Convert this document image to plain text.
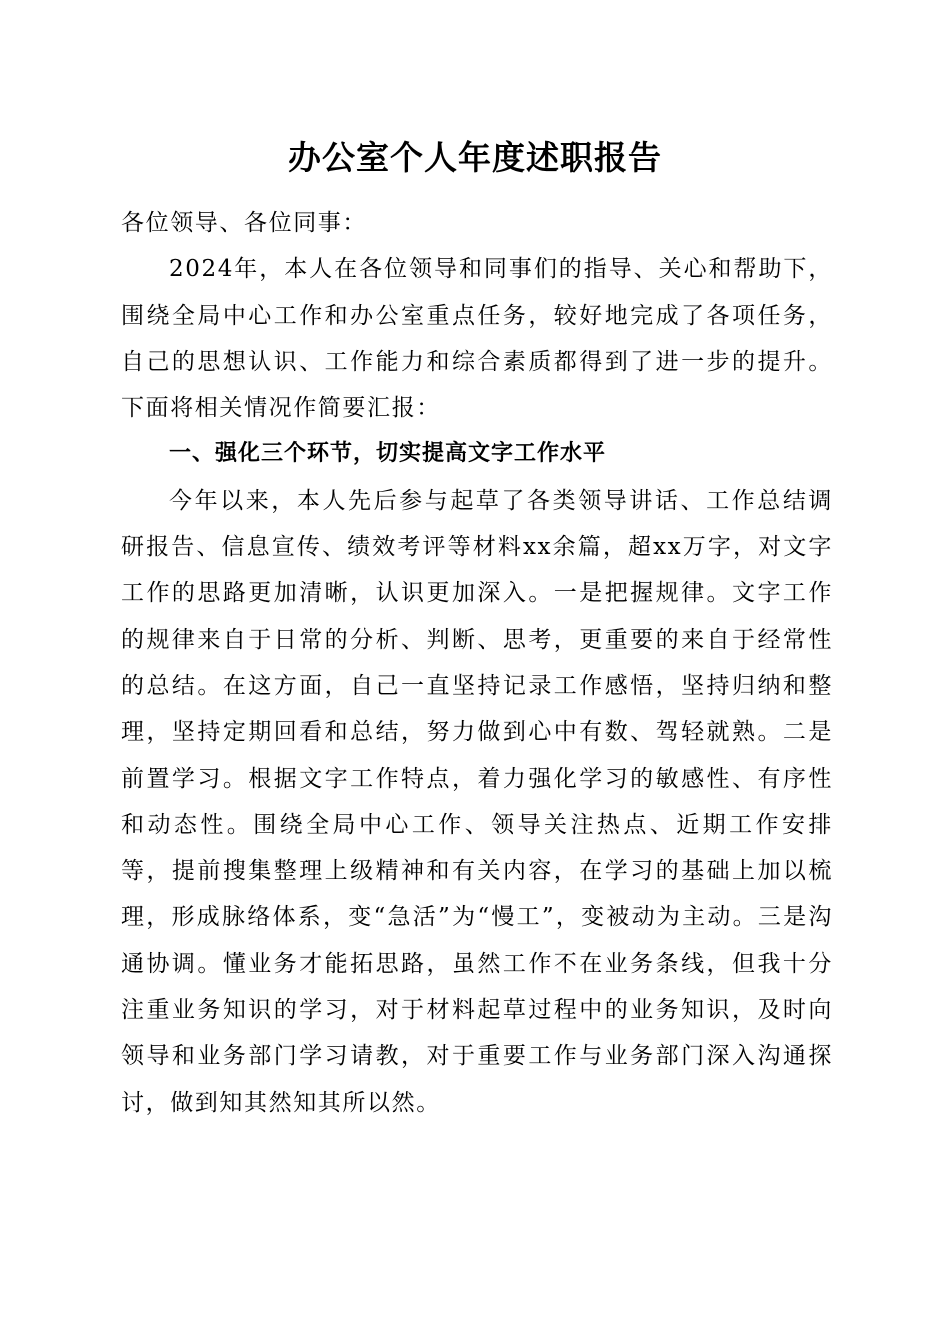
办公室个人年度述职报告

各位领导、各位同事：

2024年，本人在各位领导和同事们的指导、关心和帮助下，围绕全局中心工作和办公室重点任务，较好地完成了各项任务，自己的思想认识、工作能力和综合素质都得到了进一步的提升。下面将相关情况作简要汇报：

一、强化三个环节，切实提高文字工作水平

今年以来，本人先后参与起草了各类领导讲话、工作总结调研报告、信息宣传、绩效考评等材料xx余篇，超xx万字，对文字工作的思路更加清晰，认识更加深入。一是把握规律。文字工作的规律来自于日常的分析、判断、思考，更重要的来自于经常性的总结。在这方面，自己一直坚持记录工作感悟，坚持归纳和整理，坚持定期回看和总结，努力做到心中有数、驾轻就熟。二是前置学习。根据文字工作特点，着力强化学习的敏感性、有序性和动态性。围绕全局中心工作、领导关注热点、近期工作安排等，提前搜集整理上级精神和有关内容，在学习的基础上加以梳理，形成脉络体系，变“急活”为“慢工”，变被动为主动。三是沟通协调。懂业务才能拓思路，虽然工作不在业务条线，但我十分注重业务知识的学习，对于材料起草过程中的业务知识，及时向领导和业务部门学习请教，对于重要工作与业务部门深入沟通探讨，做到知其然知其所以然。
